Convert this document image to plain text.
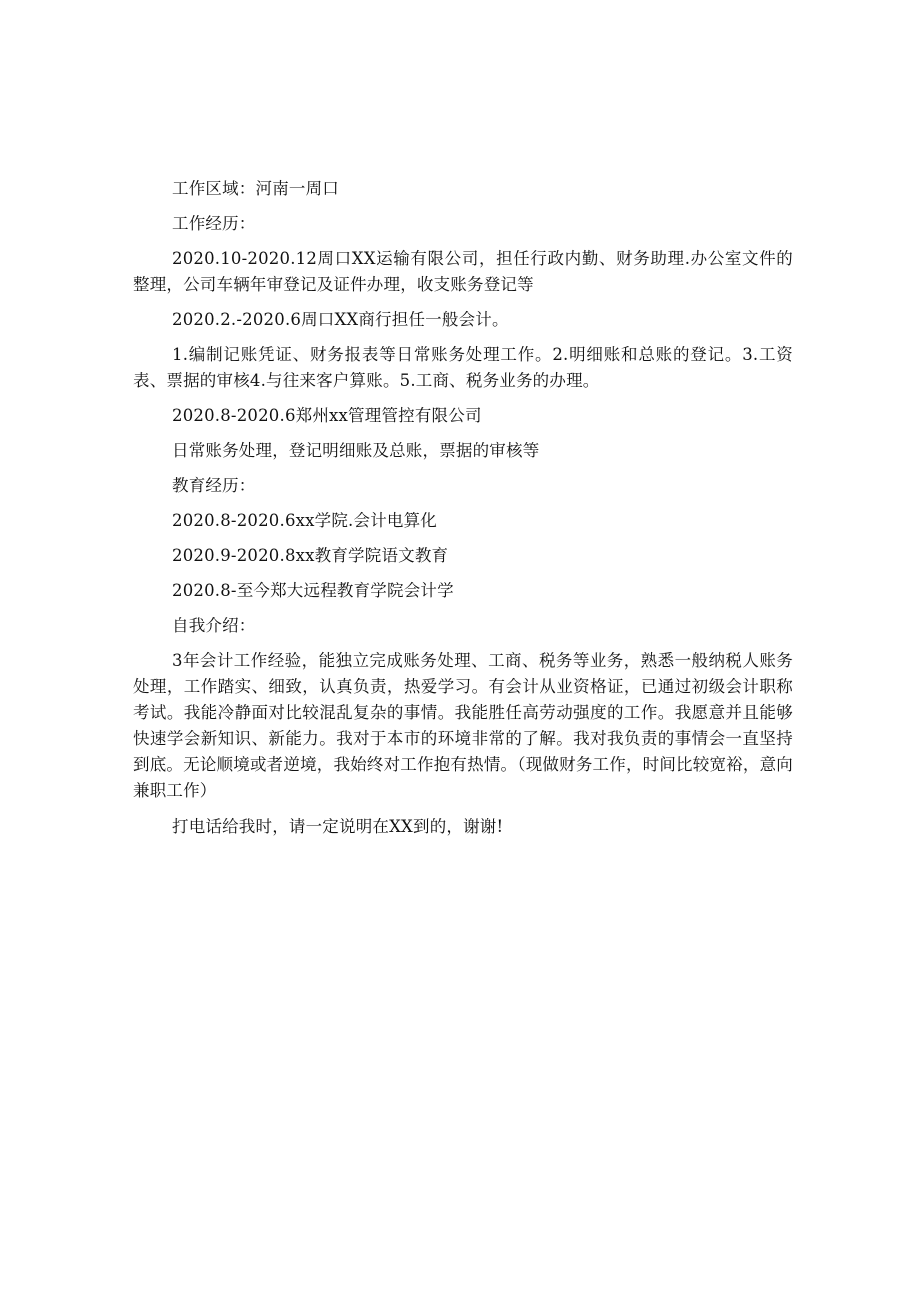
工作区域：河南一周口

工作经历：

2020.10-2020.12周口XX运输有限公司，担任行政内勤、财务助理.办公室文件的整理，公司车辆年审登记及证件办理，收支账务登记等

2020.2.-2020.6周口XX商行担任一般会计。

1.编制记账凭证、财务报表等日常账务处理工作。2.明细账和总账的登记。3.工资表、票据的审核4.与往来客户算账。5.工商、税务业务的办理。

2020.8-2020.6郑州xx管理管控有限公司

日常账务处理，登记明细账及总账，票据的审核等

教育经历：

2020.8-2020.6xx学院.会计电算化

2020.9-2020.8xx教育学院语文教育

2020.8-至今郑大远程教育学院会计学

自我介绍：

3年会计工作经验，能独立完成账务处理、工商、税务等业务，熟悉一般纳税人账务处理，工作踏实、细致，认真负责，热爱学习。有会计从业资格证，已通过初级会计职称考试。我能冷静面对比较混乱复杂的事情。我能胜任高劳动强度的工作。我愿意并且能够快速学会新知识、新能力。我对于本市的环境非常的了解。我对我负责的事情会一直坚持到底。无论顺境或者逆境，我始终对工作抱有热情。（现做财务工作，时间比较宽裕，意向兼职工作）

打电话给我时，请一定说明在XX到的，谢谢!
